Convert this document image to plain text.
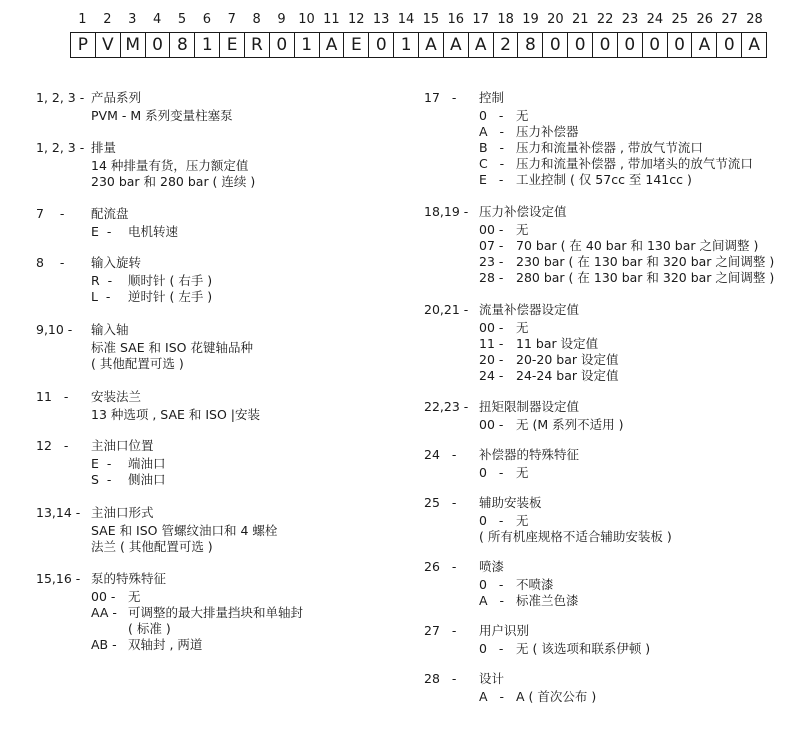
1	2	3	4	5	6	7	8	9 10 11 12 13 14 15 16 17 18 19 20 21 22 23 24 25 26 27 28
P V M 0 8 1 E R 0 1 A E 0 1 A A A 2 8 0 0 0 0 0 0 A 0 A
1, 2, 3 - 产品系列
PVM - M 系列变量柱塞泵
1, 2, 3 - 排量
14 种排量有货，压力额定值
230 bar 和 280 bar ( 连续 )
7    -	配流盘
E  -	电机转速
8    -	输入旋转
R  -	顺时针 ( 右手 )
L  -	逆时针 ( 左手 )
9,10 -	输入轴
标准 SAE 和 ISO 花键轴品种
( 其他配置可选 )
11   -	安装法兰
13 种选项 , SAE 和 ISO |安装
12   -	主油口位置
E  -	端油口
S  -	侧油口
13,14 - 主油口形式
SAE 和 ISO 管螺纹油口和 4 螺栓
法兰 ( 其他配置可选 )
15,16 - 泵的特殊特征
00 -	无
AA - 可调整的最大排量挡块和单轴封 ( 标准 )
AB - 双轴封 , 两道
17   -	控制
0   -	无
A   - 压力补偿器
B   - 压力和流量补偿器 , 带放气节流口
C   - 压力和流量补偿器 , 带加堵头的放气节流口
E   -	工业控制 ( 仅 57cc 至 141cc )
18,19 - 压力补偿设定值
00 -	无
07 -	70 bar ( 在 40 bar 和 130 bar 之间调整 )
23 -	230 bar ( 在 130 bar 和 320 bar 之间调整 )
28 -	280 bar ( 在 130 bar 和 320 bar 之间调整 )
20,21 - 流量补偿器设定值
00 -	无
11 -	11 bar 设定值
20 -	20-20 bar 设定值
24 -	24-24 bar 设定值
22,23 - 扭矩限制器设定值
00 -	无 (M 系列不适用 )
24   -	补偿器的特殊特征
0   -	无
25   -	辅助安装板
0   -	无
( 所有机座规格不适合辅助安装板 )
26   -	喷漆
0   -	不喷漆
A   - 标准兰色漆
27   -	用户识别
0   -	无 ( 该选项和联系伊顿 )
28   -	设计
A   - A ( 首次公布 )
